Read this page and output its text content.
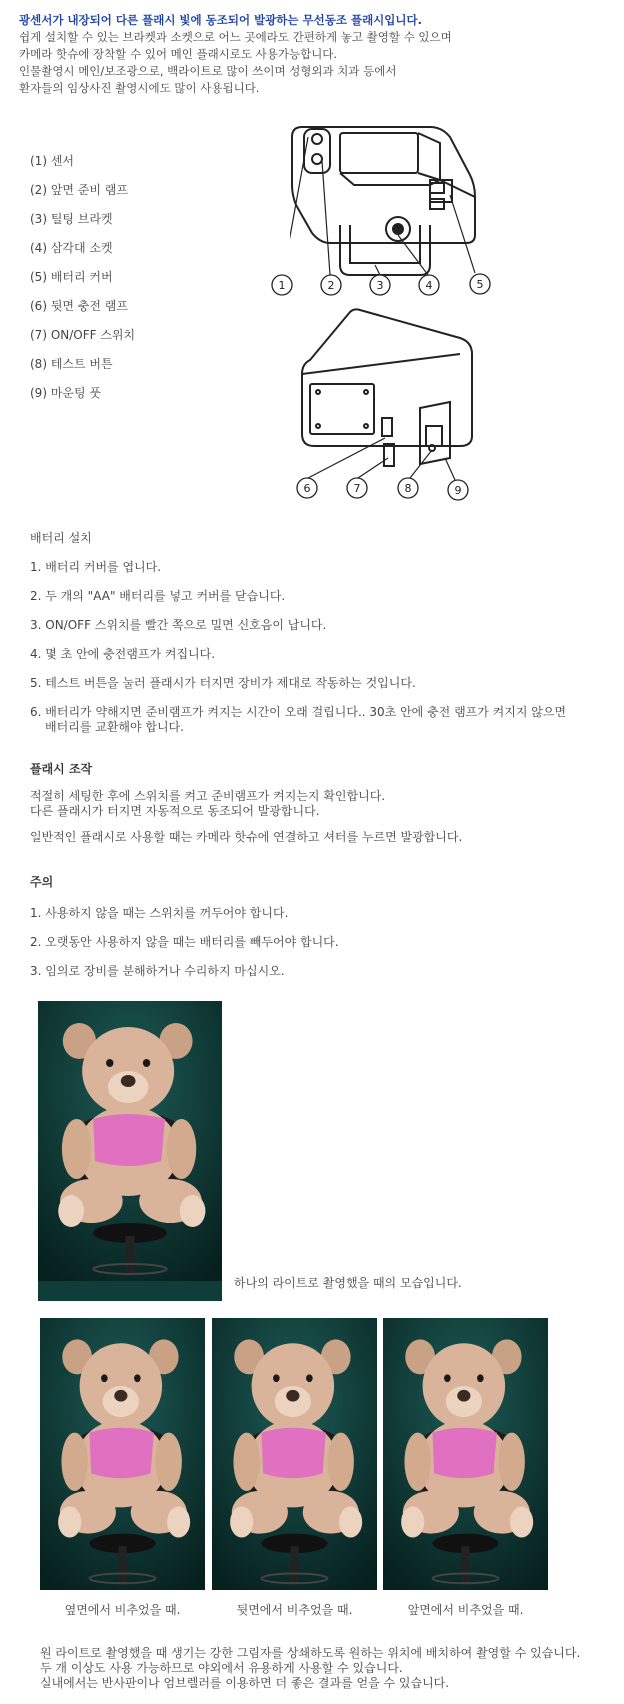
광센서가 내장되어 다른 플래시 빛에 동조되어 발광하는 무선동조 플래시입니다.
쉽게 설치할 수 있는 브라켓과 소켓으로 어느 곳에라도 간편하게 놓고 촬영할 수 있으며
카메라 핫슈에 장착할 수 있어 메인 플래시로도 사용가능합니다.
인물촬영시 메인/보조광으로, 백라이트로 많이 쓰이며 성형외과 치과 등에서
환자들의 임상사진 촬영시에도 많이 사용됩니다.
(1) 센서
(2) 앞면 준비 램프
(3) 틸팅 브라켓
(4) 삼각대 소켓
(5) 배터리 커버
(6) 뒷면 충전 램프
(7) ON/OFF 스위치
(8) 테스트 버튼
(9) 마운팅 풋
1	2	3	4	5
6	7	8	9
배터리 설치
1. 배터리 커버를 엽니다.
2. 두 개의 "AA" 배터리를 넣고 커버를 닫습니다.
3. ON/OFF 스위치를 빨간 쪽으로 밀면 신호음이 납니다.
4. 몇 초 안에 충전램프가 켜집니다.
5. 테스트 버튼을 눌러 플래시가 터지면 장비가 제대로 작동하는 것입니다.
6. 배터리가 약해지면 준비램프가 켜지는 시간이 오래 걸립니다.. 30초 안에 충전 램프가 켜지지 않으면
배터리를 교환해야 합니다.
플래시 조작
적절히 세팅한 후에 스위치를 켜고 준비램프가 켜지는지 확인합니다.
다른 플래시가 터지면 자동적으로 동조되어 발광합니다.
일반적인 플래시로 사용할 때는 카메라 핫슈에 연결하고 셔터를 누르면 발광합니다.
주의
1. 사용하지 않을 때는 스위치를 꺼두어야 합니다.
2. 오랫동안 사용하지 않을 때는 배터리를 빼두어야 합니다.
3. 임의로 장비를 분해하거나 수리하지 마십시오.
하나의 라이트로 촬영했을 때의 모습입니다.
옆면에서 비추었을 때.	뒷면에서 비추었을 때.	앞면에서 비추었을 때.
원 라이트로 촬영했을 때 생기는 강한 그림자를 상쇄하도록 원하는 위치에 배치하여 촬영할 수 있습니다.
두 개 이상도 사용 가능하므로 야외에서 유용하게 사용할 수 있습니다.
실내에서는 반사판이나 엄브렐러를 이용하면 더 좋은 결과를 얻을 수 있습니다.
